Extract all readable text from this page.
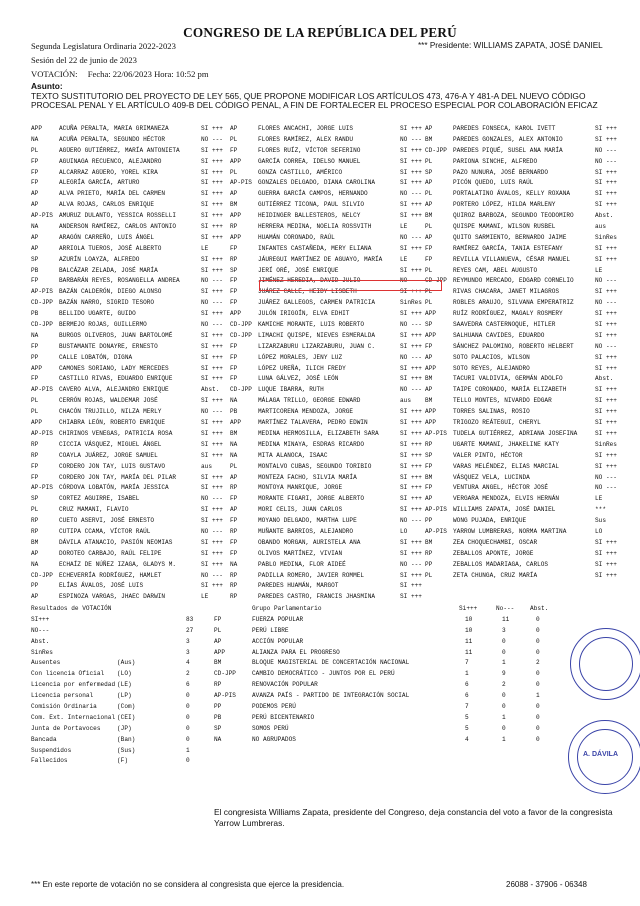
CONGRESO DE LA REPÚBLICA DEL PERÚ
Segunda Legislatura Ordinaria 2022-2023	*** Presidente: WILLIAMS ZAPATA, JOSÉ DANIEL
Sesión del 22 de junio de 2023
VOTACIÓN: Fecha: 22/06/2023 Hora: 10:52 pm
Asunto:
TEXTO SUSTITUTORIO DEL PROYECTO DE LEY 565, QUE PROPONE MODIFICAR LOS ARTÍCULOS 473, 476-A Y 481-A DEL NUEVO CÓDIGO PROCESAL PENAL Y EL ARTÍCULO 409-B DEL CÓDIGO PENAL, A FIN DE FORTALECER EL PROCESO ESPECIAL POR COLABORACIÓN EFICAZ
APP	ACUÑA PERALTA, MARIA GRIMANEZA	SI +++ AP	FLORES ANCACHI, JORGE LUIS	SI +++ AP	PAREDES FONSECA, KAROL IVETT	SI +++
NA	ACUÑA PERALTA, SEGUNDO HÉCTOR	NO --- PL	FLORES RAMÍREZ, ALEX RANDU	NO --- BM	PAREDES GONZALES, ALEX ANTONIO	SI +++
PL	AGÜERO GUTIÉRREZ, MARÍA ANTONIETA	SI +++ FP	FLORES RUÍZ, VÍCTOR SEFERINO	SI +++ CD-JPP PAREDES PIQUÉ, SUSEL ANA MARÍA	NO ---
FP	AGUINAGA RECUENCO, ALEJANDRO	SI +++ APP	GARCÍA CORREA, IDELSO MANUEL	SI +++ PL	PARIONA SINCHE, ALFREDO	NO ---
FP	ALCARRAZ AGÜERO, YOREL KIRA	SI +++ PL	GONZA CASTILLO, AMÉRICO	SI +++ SP	PAZO NUNURA, JOSÉ BERNARDO	SI +++
FP	ALEGRÍA GARCÍA, ARTURO	SI +++ AP-PIS GONZALES DELGADO, DIANA CAROLINA	SI +++ AP	PICÓN QUEDO, LUIS RAÚL	SI +++
AP	ALVA PRIETO, MARÍA DEL CARMEN	SI +++ AP	GUERRA GARCÍA CAMPOS, HERNANDO	NO --- PL	PORTALATINO ÁVALOS, KELLY ROXANA	SI +++
AP	ALVA ROJAS, CARLOS ENRIQUE	SI +++ BM	GUTIÉRREZ TICONA, PAUL SILVIO	SI +++ AP	PORTERO LÓPEZ, HILDA MARLENY	SI +++
AP-PIS AMURUZ DULANTO, YESSICA ROSSELLI	SI +++ APP	HEIDINGER BALLESTEROS, NELCY	SI +++ BM	QUIROZ BARBOZA, SEGUNDO TEODOMIRO	Abst.
NA	ANDERSON RAMÍREZ, CARLOS ANTONIO	SI +++ RP	HERRERA MEDINA, NOELIA ROSSVITH	LE	PL	QUISPE MAMANI, WILSON RUSBEL	aus
AP	ARAGÓN CARREÑO, LUIS ÁNGEL	SI +++ APP	HUAMÁN CORONADO, RAÚL	NO --- AP	QUITO SARMIENTO, BERNARDO JAIME	SinRes
AP	ARRIOLA TUEROS, JOSÉ ALBERTO	LE	FP	INFANTES CASTAÑEDA, MERY ELIANA	SI +++ FP	RAMÍREZ GARCÍA, TANIA ESTEFANY	SI +++
SP	AZURÍN LOAYZA, ALFREDO	SI +++ RP	JÁUREGUI MARTÍNEZ DE AGUAYO, MARÍA	LE	FP	REVILLA VILLANUEVA, CÉSAR MANUEL	SI +++
PB	BALCÁZAR ZELADA, JOSÉ MARÍA	SI +++ SP	JERÍ ORÉ, JOSÉ ENRIQUE	SI +++ PL	REYES CAM, ABEL AUGUSTO	LE
FP	BARBARÁN REYES, ROSANGELLA ANDREA	NO --- FP	JIMÉNEZ HEREDIA, DAVID JULIO	NO --- CD-JPP REYMUNDO MERCADO, EDGARD CORNELIO	NO ---
AP-PIS BAZÁN CALDERÓN, DIEGO ALONSO	SI +++ FP	JUÁREZ CALLE, HEIDY LISBETH	SI +++ PL	RIVAS CHACARA, JANET MILAGROS	SI +++
CD-JPP BAZÁN NARRO, SIGRID TESORO	NO --- FP	JUÁREZ GALLEGOS, CARMEN PATRICIA	SinRes PL	ROBLES ARAUJO, SILVANA EMPERATRIZ	NO ---
PB	BELLIDO UGARTE, GUIDO	SI +++ APP	JULÓN IRIGOÍN, ELVA EDHIT	SI +++ APP	RUÍZ RODRÍGUEZ, MAGALY ROSMERY	SI +++
CD-JPP BERMEJO ROJAS, GUILLERMO	NO --- CD-JPP KAMICHE MORANTE, LUIS ROBERTO	NO --- SP	SAAVEDRA CASTERNOQUE, HITLER	SI +++
NA	BURGOS OLIVEROS, JUAN BARTOLOMÉ	SI +++ CD-JPP LIMACHI QUISPE, NIEVES ESMERALDA	SI +++ APP	SALHUANA CAVIDES, EDUARDO	SI +++
FP	BUSTAMANTE DONAYRE, ERNESTO	SI +++ FP	LIZARZABURU LIZARZABURU, JUAN C.	SI +++ FP	SÁNCHEZ PALOMINO, ROBERTO HELBERT	NO ---
PP	CALLE LOBATÓN, DIGNA	SI +++ FP	LÓPEZ MORALES, JENY LUZ	NO --- AP	SOTO PALACIOS, WILSON	SI +++
APP	CAMONES SORIANO, LADY MERCEDES	SI +++ FP	LÓPEZ UREÑA, ILICH FREDY	SI +++ APP	SOTO REYES, ALEJANDRO	SI +++
FP	CASTILLO RIVAS, EDUARDO ENRIQUE	SI +++ FP	LUNA GÁLVEZ, JOSÉ LEÓN	SI +++ BM	TACURI VALDIVIA, GERMÁN ADOLFO	Abst.
AP-PIS CAVERO ALVA, ALEJANDRO ENRIQUE	Abst. CD-JPP LUQUE IBARRA, RUTH	NO --- AP	TAIPE CORONADO, MARÍA ELIZABETH	SI +++
PL	CERRÓN ROJAS, WALDEMAR JOSÉ	SI +++ NA	MÁLAGA TRILLO, GEORGE EDWARD	aus BM	TELLO MONTES, NIVARDO EDGAR	SI +++
PL	CHACÓN TRUJILLO, NILZA MERLY	NO --- PB	MARTICORENA MENDOZA, JORGE	SI +++ APP	TORRES SALINAS, ROSIO	SI +++
APP	CHIABRA LEÓN, ROBERTO ENRIQUE	SI +++ APP	MARTÍNEZ TALAVERA, PEDRO EDWIN	SI +++ APP	TRIGOZO REÁTEGUI, CHERYL	SI +++
AP-PIS CHIRINOS VENEGAS, PATRICIA ROSA	SI +++ BM	MEDINA HERMOSILLA, ELIZABETH SARA	SI +++ AP-PIS TUDELA GUTIÉRREZ, ADRIANA JOSEFINA	SI +++
RP	CICCIA VÁSQUEZ, MIGUEL ÁNGEL	SI +++ NA	MEDINA MINAYA, ESDRAS RICARDO	SI +++ RP	UGARTE MAMANI, JHAKELINE KATY	SinRes
RP	COAYLA JUÁREZ, JORGE SAMUEL	SI +++ NA	MITA ALANOCA, ISAAC	SI +++ SP	VALER PINTO, HÉCTOR	SI +++
FP	CORDERO JON TAY, LUIS GUSTAVO	aus	PL	MONTALVO CUBAS, SEGUNDO TORIBIO	SI +++ FP	VARAS MELÉNDEZ, ELIAS MARCIAL	SI +++
FP	CORDERO JON TAY, MARÍA DEL PILAR	SI +++ AP	MONTEZA FACHO, SILVIA MARÍA	SI +++ BM	VÁSQUEZ VELA, LUCINDA	NO ---
AP-PIS CÓRDOVA LOBATÓN, MARÍA JESSICA	SI +++ RP	MONTOYA MANRIQUE, JORGE	SI +++ FP	VENTURA ANGEL, HÉCTOR JOSÉ	NO ---
SP	CORTEZ AGUIRRE, ISABEL	NO --- FP	MORANTE FIGARI, JORGE ALBERTO	SI +++ AP	VERGARA MENDOZA, ELVIS HERNÁN	LE
PL	CRUZ MAMANI, FLAVIO	SI +++ AP	MORI CELIS, JUAN CARLOS	SI +++ AP-PIS WILLIAMS ZAPATA, JOSÉ DANIEL	***
RP	CUETO ASERVI, JOSÉ ERNESTO	SI +++ FP	MOYANO DELGADO, MARTHA LUPE	NO --- PP	WONG PUJADA, ENRIQUE	Sus
RP	CUTIPA CCAMA, VÍCTOR RAÚL	NO --- RP	MUÑANTE BARRIOS, ALEJANDRO	LO	AP-PIS YARROW LUMBRERAS, NORMA MARTINA	LO
BM	DÁVILA ATANACIO, PASIÓN NEOMIAS	SI +++ FP	OBANDO MORGAN, AURISTELA ANA	SI +++ BM	ZEA CHOQUECHAMBI, OSCAR	SI +++
AP	DOROTEO CARBAJO, RAÚL FELIPE	SI +++ FP	OLIVOS MARTÍNEZ, VIVIAN	SI +++ RP	ZEBALLOS APONTE, JORGE	SI +++
NA	ECHAÍZ DE NÚÑEZ IZAGA, GLADYS M.	SI +++ NA	PABLO MEDINA, FLOR AIDEÉ	NO --- PP	ZEBALLOS MADARIAGA, CARLOS	SI +++
CD-JPP ECHEVERRÍA RODRÍGUEZ, HAMLET	NO --- RP	PADILLA ROMERO, JAVIER ROMMEL	SI +++ PL	ZETA CHUNGA, CRUZ MARÍA	SI +++
PP	ELÍAS ÁVALOS, JOSÉ LUIS	SI +++ RP	PAREDES HUAMÁN, MARGOT	SI +++
AP	ESPINOZA VARGAS, JHAEC DARWIN	LE	RP	PAREDES CASTRO, FRANCIS JHASMINA	SI +++
Resultados de VOTACIÓN
SI+++	83
NO---	27
Abst.	3
SinRes	3
Ausentes	(Aus)	4
Con licencia Oficial (LO)	2
Licencia por enfermedad (LE)	6
Licencia personal	(LP)	0
Comisión Ordinaria	(Com)	0
Com. Ext. Internacional (CEI)	0
Junta de Portavoces	(JP)	0
Bancada	(Ban)	0
Suspendidos	(Sus)	1
Fallecidos	(F)	0
Grupo Parlamentario	Si+++	No---	Abst.
FP	FUERZA POPULAR	10	11	0
PL	PERÚ LIBRE	10	3	0
AP	ACCIÓN POPULAR	11	0	0
APP	ALIANZA PARA EL PROGRESO	11	0	0
BM	BLOQUE MAGISTERIAL DE CONCERTACIÓN NACIONAL	7	1	2
CD-JPP	CAMBIO DEMOCRÁTICO - JUNTOS POR EL PERÚ	1	9	0
RP	RENOVACIÓN POPULAR	6	2	0
AP-PIS	AVANZA PAÍS - PARTIDO DE INTEGRACIÓN SOCIAL	6	0	1
PP	PODEMOS PERÚ	7	0	0
PB	PERÚ BICENTENARIO	5	1	0
SP	SOMOS PERÚ	5	0	0
NA	NO AGRUPADOS	4	1	0
El congresista Williams Zapata, presidente del Congreso, deja constancia del voto a favor de la congresista Yarrow Lumbreras.
*** En este reporte de votación no se considera al congresista que ejerce la presidencia.	26088 - 37906 - 06348
A. DÁVILA
